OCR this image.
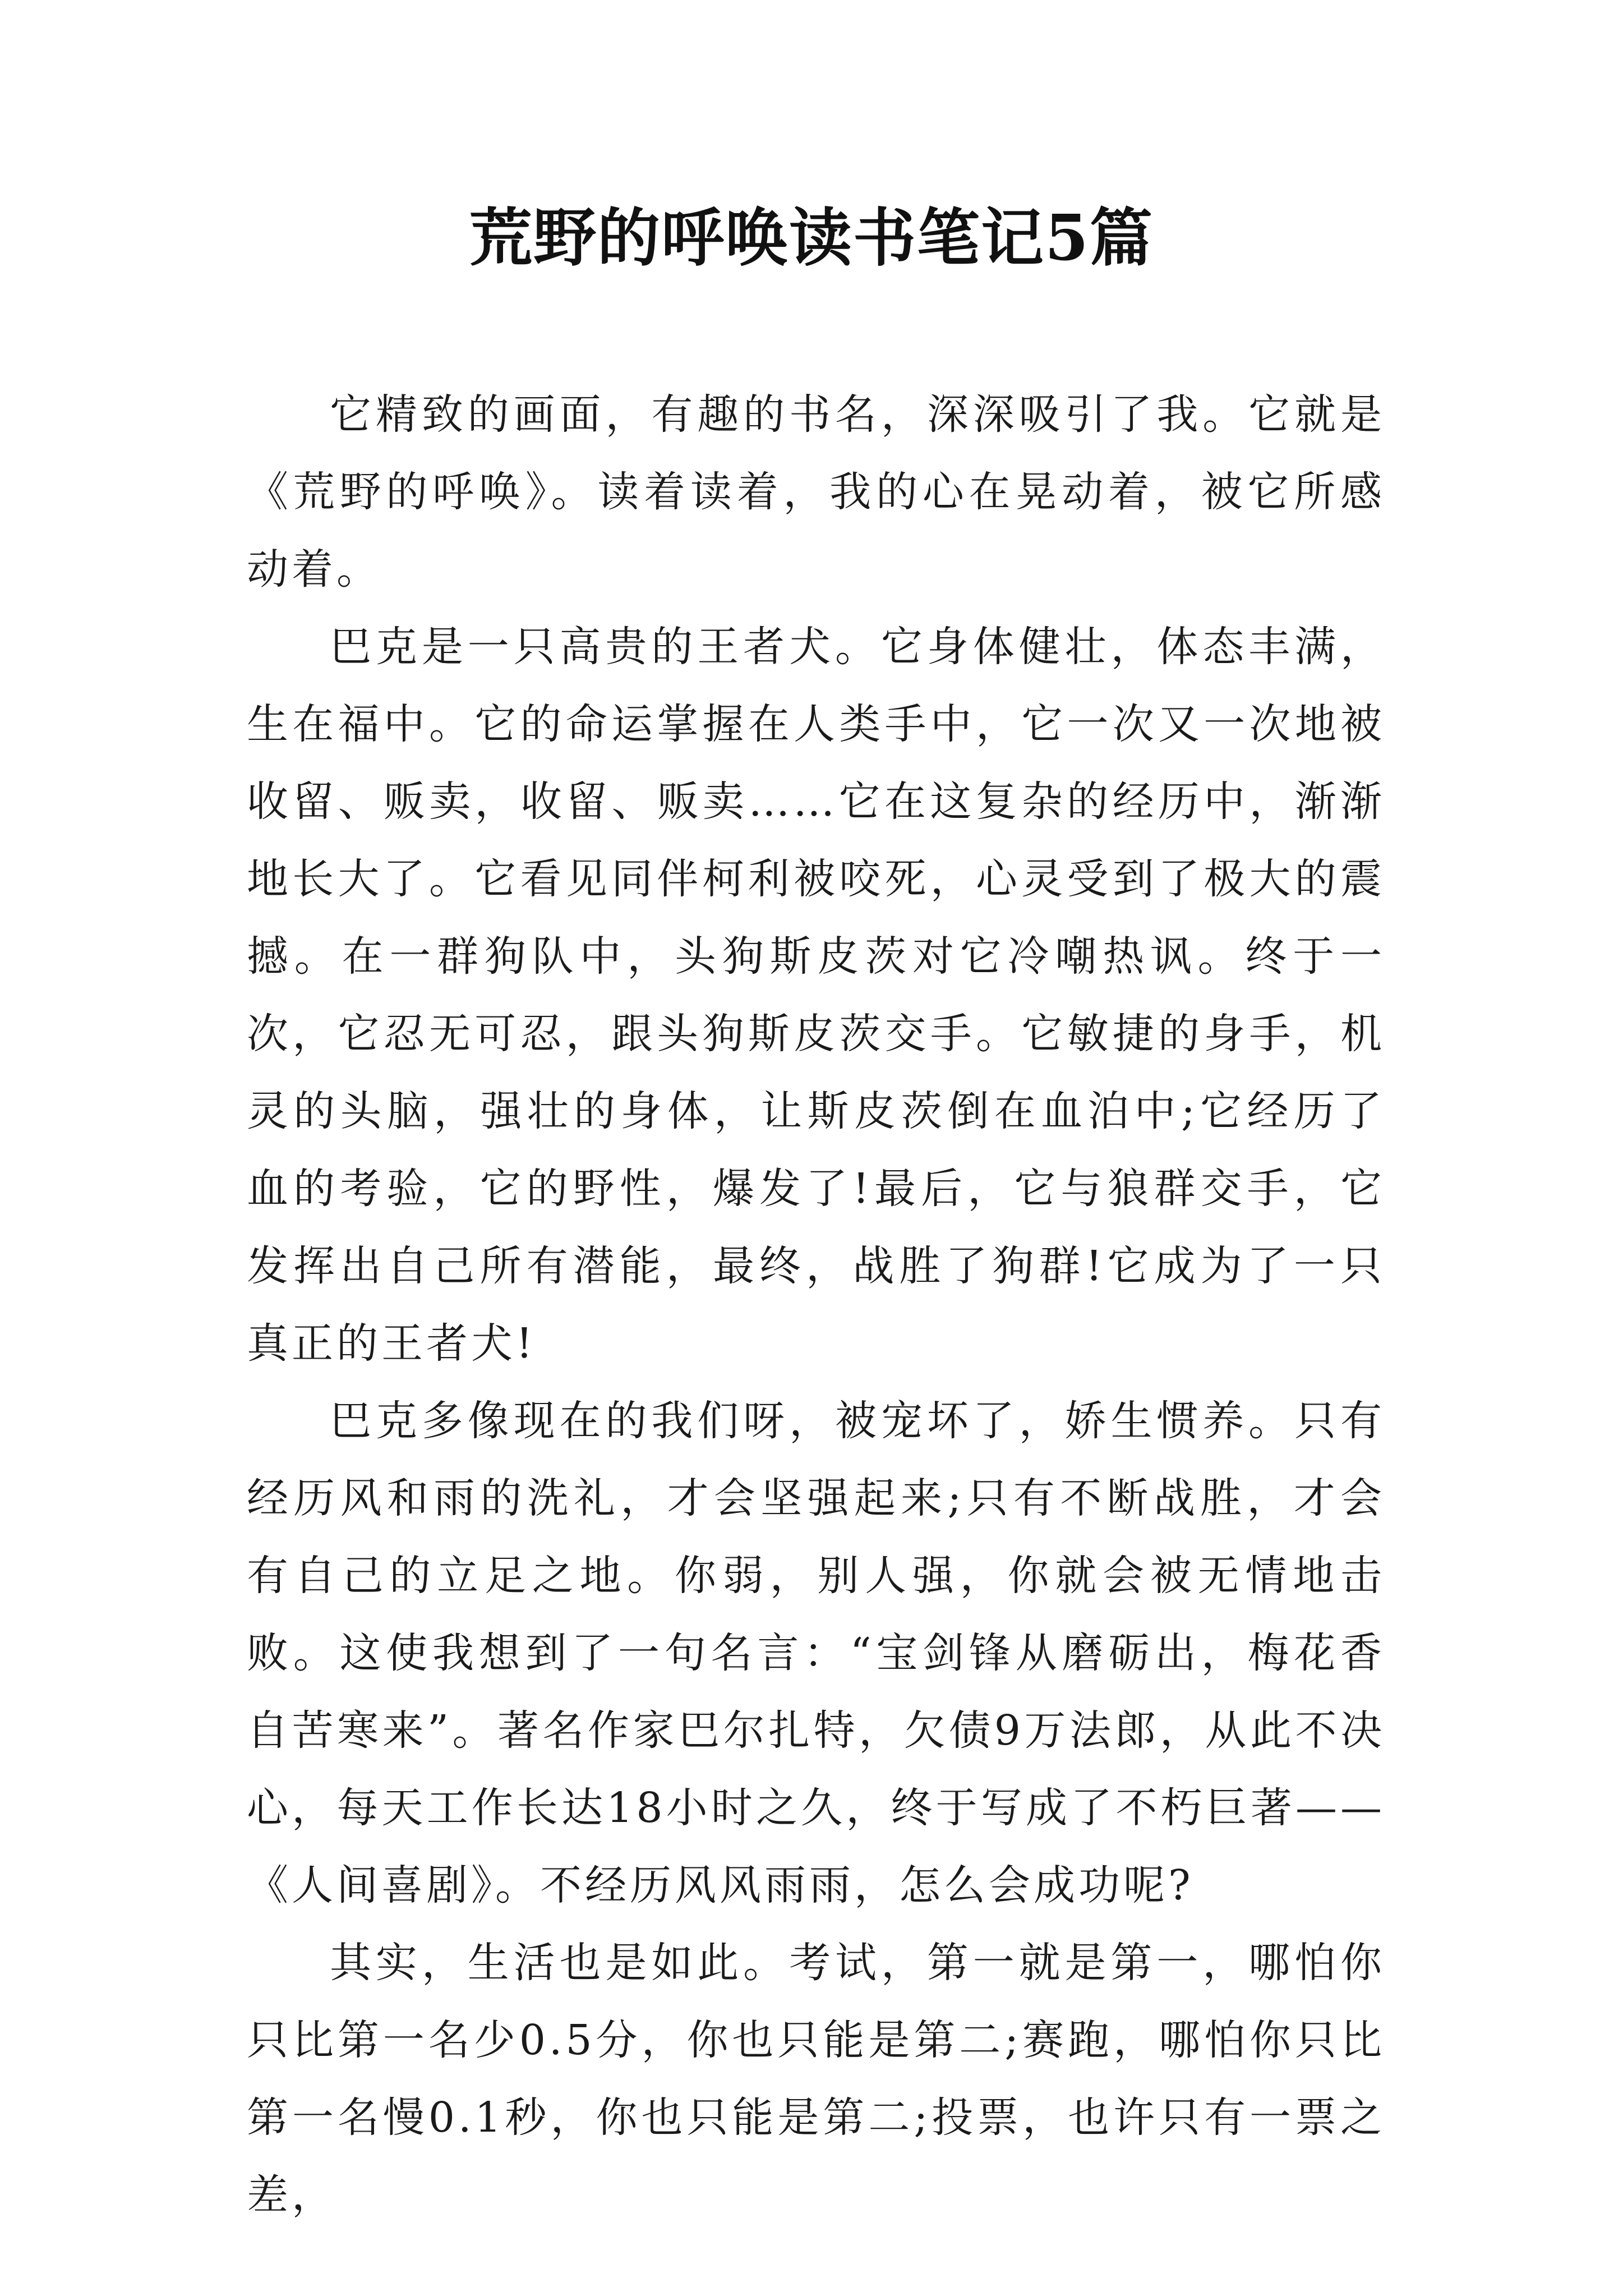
荒野的呼唤读书笔记5篇

它精致的画面，有趣的书名，深深吸引了我。它就是《荒野的呼唤》。读着读着，我的心在晃动着，被它所感动着。

巴克是一只高贵的王者犬。它身体健壮，体态丰满，生在福中。它的命运掌握在人类手中，它一次又一次地被收留、贩卖，收留、贩卖……它在这复杂的经历中，渐渐地长大了。它看见同伴柯利被咬死，心灵受到了极大的震撼。在一群狗队中，头狗斯皮茨对它冷嘲热讽。终于一次，它忍无可忍，跟头狗斯皮茨交手。它敏捷的身手，机灵的头脑，强壮的身体，让斯皮茨倒在血泊中;它经历了血的考验，它的野性，爆发了!最后，它与狼群交手，它发挥出自己所有潜能，最终，战胜了狗群!它成为了一只真正的王者犬!

巴克多像现在的我们呀，被宠坏了，娇生惯养。只有经历风和雨的洗礼，才会坚强起来;只有不断战胜，才会有自己的立足之地。你弱，别人强，你就会被无情地击败。这使我想到了一句名言：“宝剑锋从磨砺出，梅花香自苦寒来”。著名作家巴尔扎特，欠债9万法郎，从此不决心，每天工作长达18小时之久，终于写成了不朽巨著——《人间喜剧》。不经历风风雨雨，怎么会成功呢?

其实，生活也是如此。考试，第一就是第一，哪怕你只比第一名少0.5分，你也只能是第二;赛跑，哪怕你只比第一名慢0.1秒，你也只能是第二;投票，也许只有一票之差，
